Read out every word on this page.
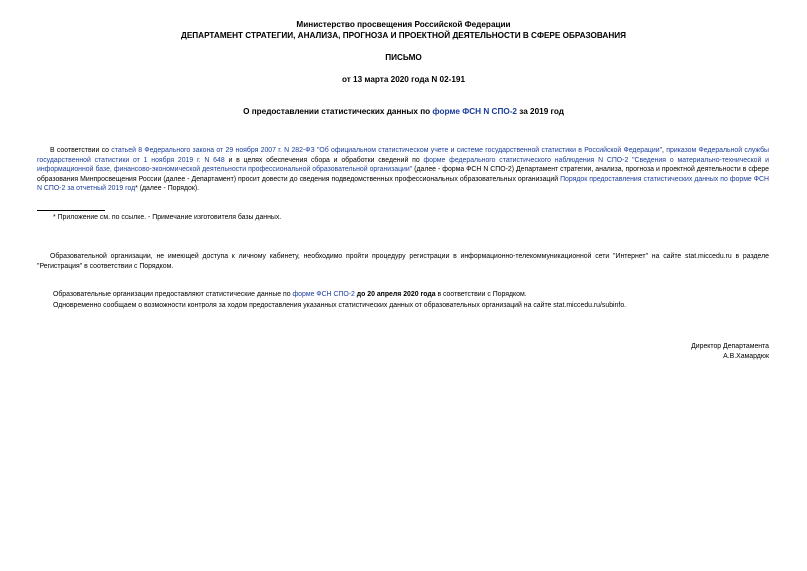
Министерство просвещения Российской Федерации
ДЕПАРТАМЕНТ СТРАТЕГИИ, АНАЛИЗА, ПРОГНОЗА И ПРОЕКТНОЙ ДЕЯТЕЛЬНОСТИ В СФЕРЕ ОБРАЗОВАНИЯ
ПИСЬМО
от 13 марта 2020 года N 02-191
О предоставлении статистических данных по форме ФСН N СПО-2 за 2019 год
В соответствии со статьей 8 Федерального закона от 29 ноября 2007 г. N 282-ФЗ "Об официальном статистическом учете и системе государственной статистики в Российской Федерации", приказом Федеральной службы государственной статистики от 1 ноября 2019 г. N 648 и в целях обеспечения сбора и обработки сведений по форме федерального статистического наблюдения N СПО-2 "Сведения о материально-технической и информационной базе, финансово-экономической деятельности профессиональной образовательной организации" (далее - форма ФСН N СПО-2) Департамент стратегии, анализа, прогноза и проектной деятельности в сфере образования Минпросвещения России (далее - Департамент) просит довести до сведения подведомственных профессиональных образовательных организаций Порядок предоставления статистических данных по форме ФСН N СПО-2 за отчетный 2019 год* (далее - Порядок).
* Приложение см. по ссылке. - Примечание изготовителя базы данных.
Образовательной организации, не имеющей доступа к личному кабинету, необходимо пройти процедуру регистрации в информационно-телекоммуникационной сети "Интернет" на сайте stat.miccedu.ru в разделе "Регистрация" в соответствии с Порядком.
Образовательные организации предоставляют статистические данные по форме ФСН СПО-2 до 20 апреля 2020 года в соответствии с Порядком.
Одновременно сообщаем о возможности контроля за ходом предоставления указанных статистических данных от образовательных организаций на сайте stat.miccedu.ru/subinfo.
Директор Департамента
А.В.Хамардюк
